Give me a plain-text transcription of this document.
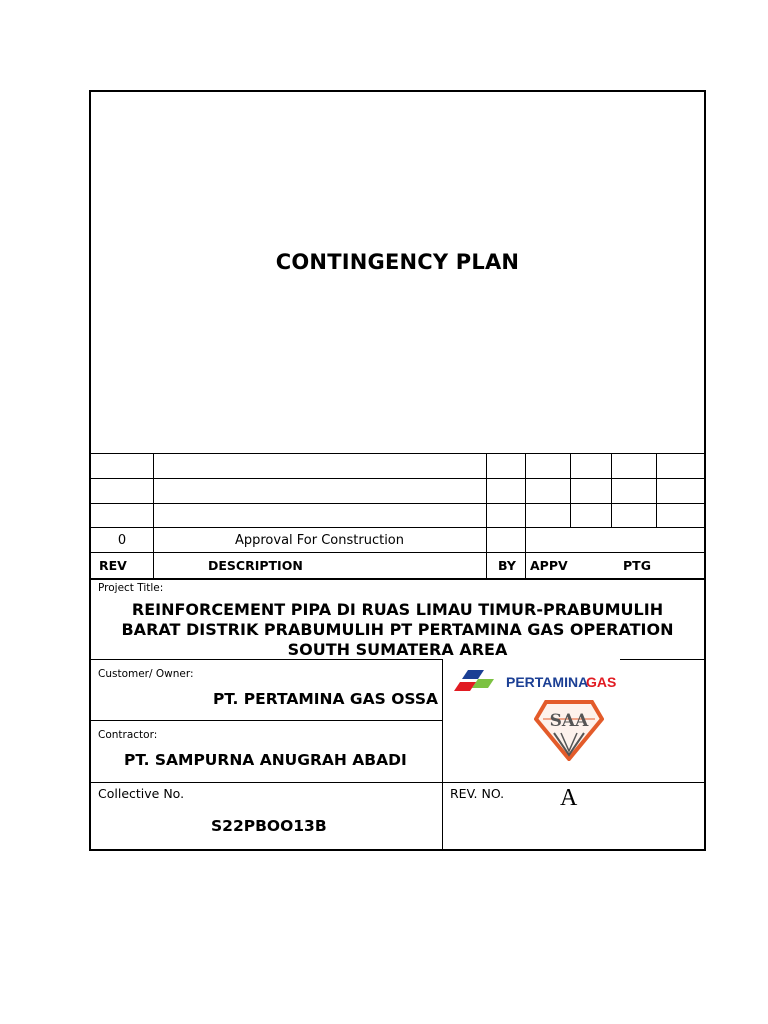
CONTINGENCY PLAN
0	Approval For Construction
REV	DESCRIPTION	BY APPV	PTG
Project Title:
REINFORCEMENT PIPA DI RUAS LIMAU TIMUR-PRABUMULIH
BARAT DISTRIK PRABUMULIH PT PERTAMINA GAS OPERATION
SOUTH SUMATERA AREA
Customer/ Owner:
PT. PERTAMINA GAS OSSA
Contractor:
PT. SAMPURNA ANUGRAH ABADI
Collective No.
S22PBOO13B
REV. NO. A
PERTAMINA
GAS
SAA
